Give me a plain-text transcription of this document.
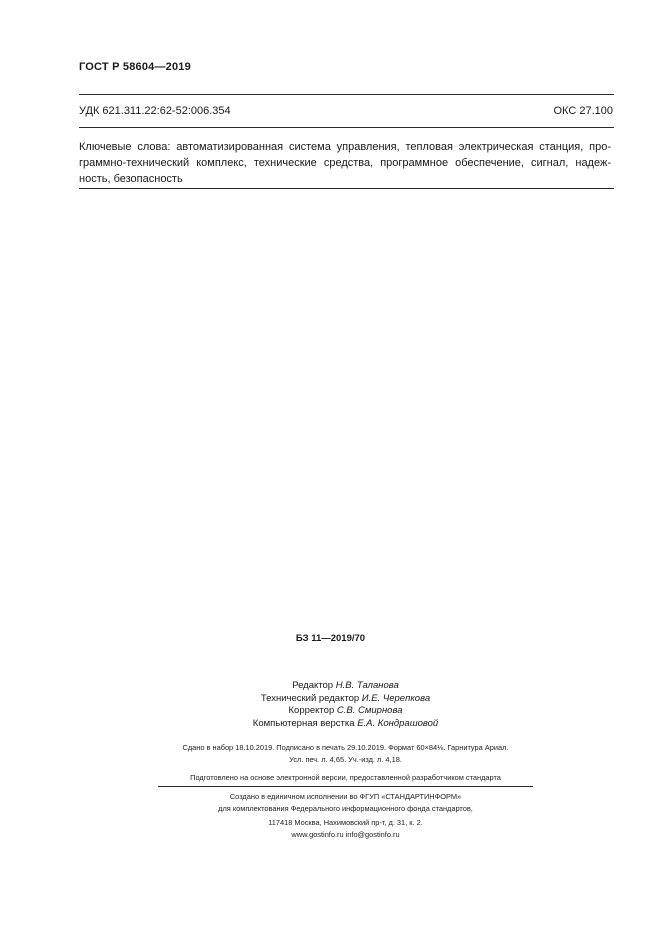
ГОСТ Р 58604—2019
УДК 621.311.22:62-52:006.354	ОКС 27.100
Ключевые слова: автоматизированная система управления, тепловая электрическая станция, про-
граммно-технический комплекс, технические средства, программное обеспечение, сигнал, надеж-
ность, безопасность
БЗ 11—2019/70
Редактор Н.В. Таланова
Технический редактор И.Е. Черепкова
Корректор С.В. Смирнова
Компьютерная верстка Е.А. Кондрашовой
Сдано в набор 18.10.2019. Подписано в печать 29.10.2019. Формат 60×84⅛. Гарнитура Ариал.
Усл. печ. л. 4,65. Уч.-изд. л. 4,18.
Подготовлено на основе электронной версии, предоставленной разработчиком стандарта
Создано в единичном исполнении во ФГУП «СТАНДАРТИНФОРМ»
для комплектования Федерального информационного фонда стандартов,
117418 Москва, Нахимовский пр-т, д. 31, к. 2.
www.gostinfo.ru info@gostinfo.ru
